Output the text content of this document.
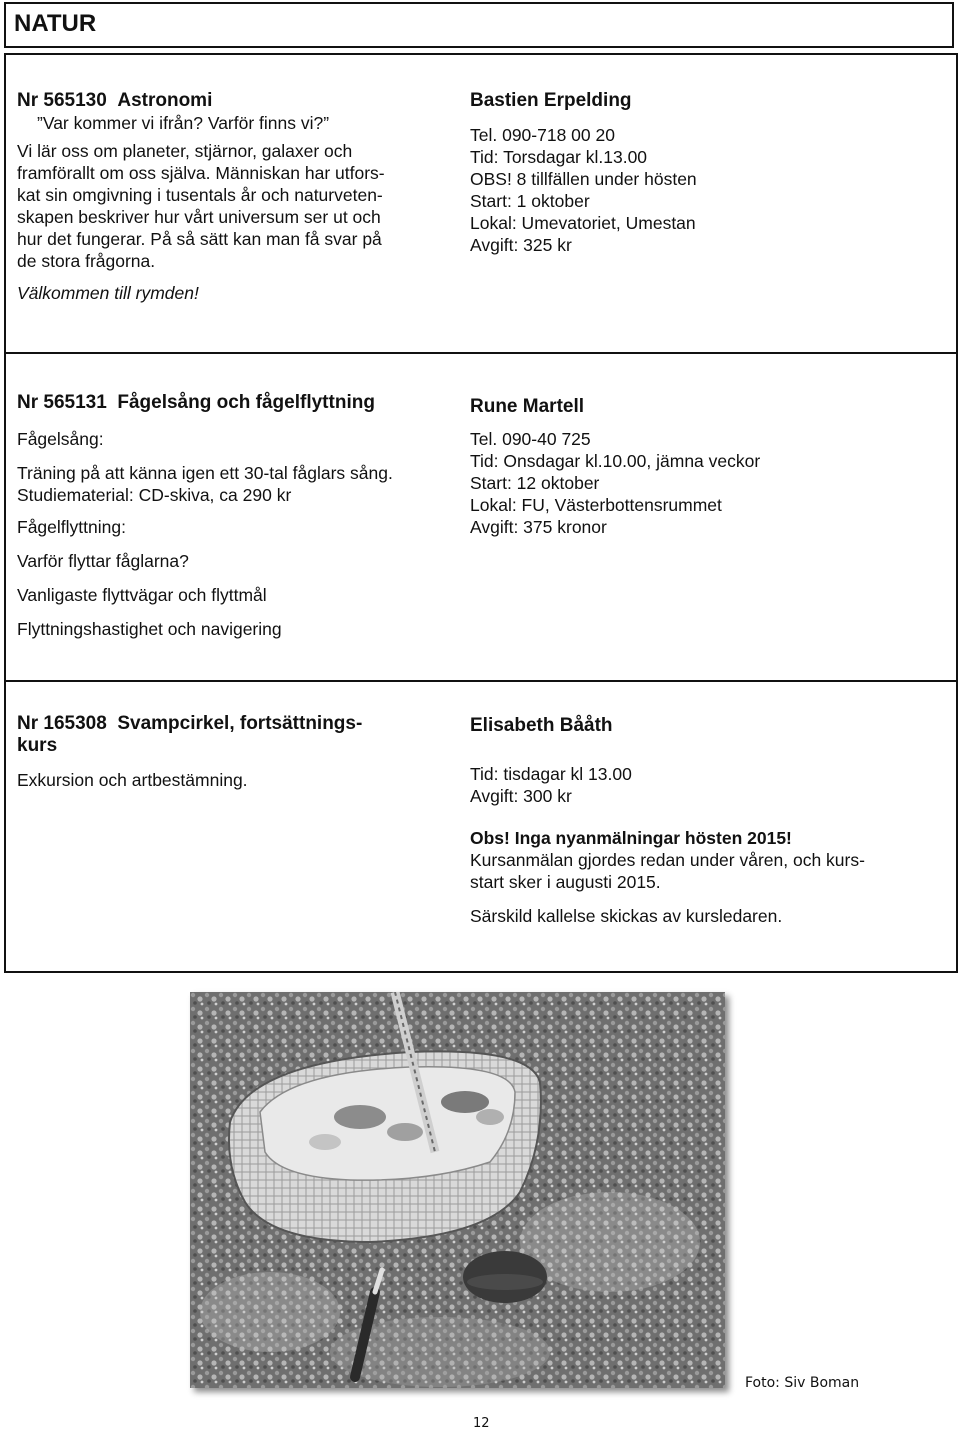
NATUR

Nr 565130 Astronomi

”Var kommer vi ifrån? Varför finns vi?”

Vi lär oss om planeter, stjärnor, galaxer och

framförallt om oss själva. Människan har utfors-

kat sin omgivning i tusentals år och naturveten-

skapen beskriver hur vårt universum ser ut och

hur det fungerar. På så sätt kan man få svar på

de stora frågorna.

Välkommen till rymden!

Bastien Erpelding

Tel. 090-718 00 20

Tid: Torsdagar kl.13.00

OBS! 8 tillfällen under hösten

Start: 1 oktober

Lokal: Umevatoriet, Umestan

Avgift: 325 kr

Nr 565131 Fågelsång och fågelflyttning

Fågelsång:

Träning på att känna igen ett 30-tal fåglars sång.

Studiematerial: CD-skiva, ca 290 kr

Fågelflyttning:

Varför flyttar fåglarna?

Vanligaste flyttvägar och flyttmål

Flyttningshastighet och navigering

Rune Martell

Tel. 090-40 725

Tid: Onsdagar kl.10.00, jämna veckor

Start: 12 oktober

Lokal: FU, Västerbottensrummet

Avgift: 375 kronor

Nr 165308 Svampcirkel, fortsättnings-

kurs

Exkursion och artbestämning.

Elisabeth Bååth

Tid: tisdagar kl 13.00

Avgift: 300 kr

Obs! Inga nyanmälningar hösten 2015!

Kursanmälan gjordes redan under våren, och kurs-

start sker i augusti 2015.

Särskild kallelse skickas av kursledaren.

Foto: Siv Boman
12
